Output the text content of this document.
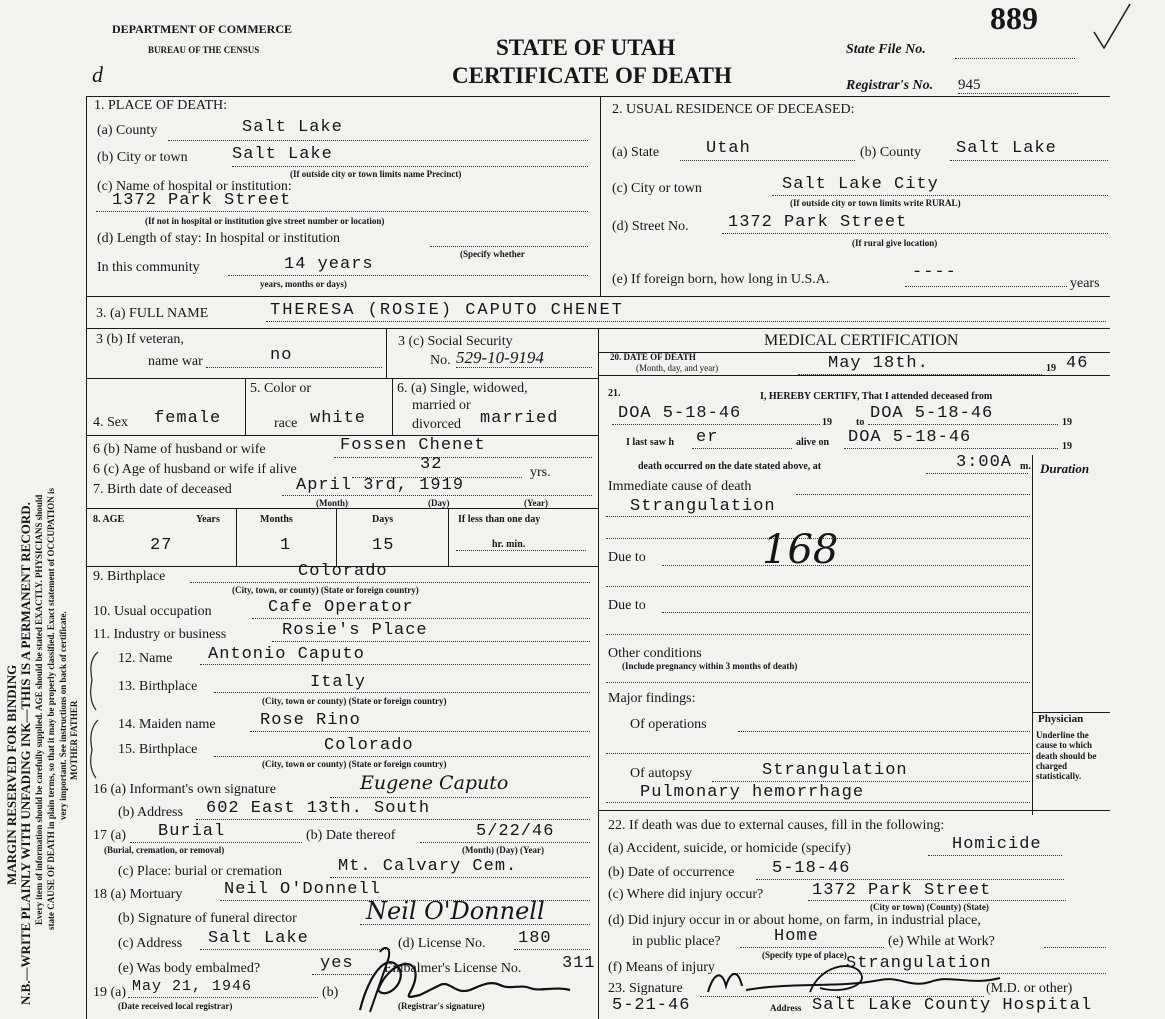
MARGIN RESERVED FOR BINDING N.B.—WRITE PLAINLY WITH UNFADING INK—THIS IS A PERMANENT RECORD. Every item of information should be carefully supplied. AGE should be stated EXACTLY. PHYSICIANS should state CAUSE OF DEATH in plain terms, so that it may be properly classified. Exact statement of OCCUPATION is very important. See instructions on back of certificate.
DEPARTMENT OF COMMERCE
BUREAU OF THE CENSUS	STATE OF UTAH
CERTIFICATE OF DEATH
State File No.
889
Registrar's No. 945
d
1. PLACE OF DEATH:
(a) County	Salt Lake
(b) City or town	Salt Lake
(If outside city or town limits name Precinct)
(c) Name of hospital or institution:
1372 Park Street
(If not in hospital or institution give street number or location)
(d) Length of stay: In hospital or institution
(Specify whether
In this community	14 years
years, months or days)
2. USUAL RESIDENCE OF DECEASED:
(a) State	Utah	(b) County Salt Lake
(c) City or town	Salt Lake City
(If outside city or town limits write RURAL)
(d) Street No. 1372 Park Street
(If rural give location)
(e) If foreign born, how long in U.S.A.	----
years
3. (a) FULL NAME	THERESA (ROSIE) CAPUTO CHENET
3 (b) If veteran,
name war	no
3 (c) Social Security
No. 529-10-9194
4. Sex female
5. Color or
race white
6. (a) Single, widowed,
married or
divorced married
6 (b) Name of husband or wife	Fossen Chenet
6 (c) Age of husband or wife if alive	32	yrs.
7. Birth date of deceased	April 3rd, 1919
(Month)	(Day)	(Year)
8. AGE	Years	Months	Days	If less than one day
27	1	15	hr. min.
9. Birthplace	Colorado
(City, town, or county) (State or foreign country)
10. Usual occupation	Cafe Operator
11. Industry or business	Rosie's Place
MOTHER FATHER
12. Name Antonio Caputo
13. Birthplace	Italy
(City, town or county) (State or foreign country)
14. Maiden name	Rose Rino
15. Birthplace	Colorado
(City, town or county) (State or foreign country)
16 (a) Informant's own signature	Eugene Caputo
(b) Address 602 East 13th. South
17 (a) Burial
(Burial, cremation, or removal)
(b) Date thereof	5/22/46
(Month) (Day) (Year)
(c) Place: burial or cremation	Mt. Calvary Cem.
18 (a) Mortuary Neil O'Donnell
(b) Signature of funeral director	Neil O'Donnell
(c) Address Salt Lake	(d) License No. 180
(e) Was body embalmed?	yes Embalmer's License No. 311
19 (a) May 21, 1946
(Date received local registrar)
(b)
(Registrar's signature)
MEDICAL CERTIFICATION
20. DATE OF DEATH
(Month, day, and year)	May 18th.	19 46
21.	I, HEREBY CERTIFY, That I attended deceased from
DOA 5-18-46	19 to DOA 5-18-46	19
I last saw h er	alive on DOA 5-18-46	19
death occurred on the date stated above, at	3:00A m. Duration
Immediate cause of death
Strangulation
Due to	168
Due to
Other conditions
(Include pregnancy within 3 months of death)
Major findings:
Of operations
Of autopsy	Strangulation
Pulmonary hemorrhage
Physician
Underline the cause to which death should be charged statistically.
22. If death was due to external causes, fill in the following:
(a) Accident, suicide, or homicide (specify)	Homicide
(b) Date of occurrence 5-18-46
(c) Where did injury occur?	1372 Park Street
(City or town) (County) (State)
(d) Did injury occur in or about home, on farm, in industrial place,
in public place?	Home
(Specify type of place)
(e) While at Work?
(f) Means of injury	Strangulation
23. Signature	(M.D. or other)
5-21-46	Address Salt Lake County Hospital
